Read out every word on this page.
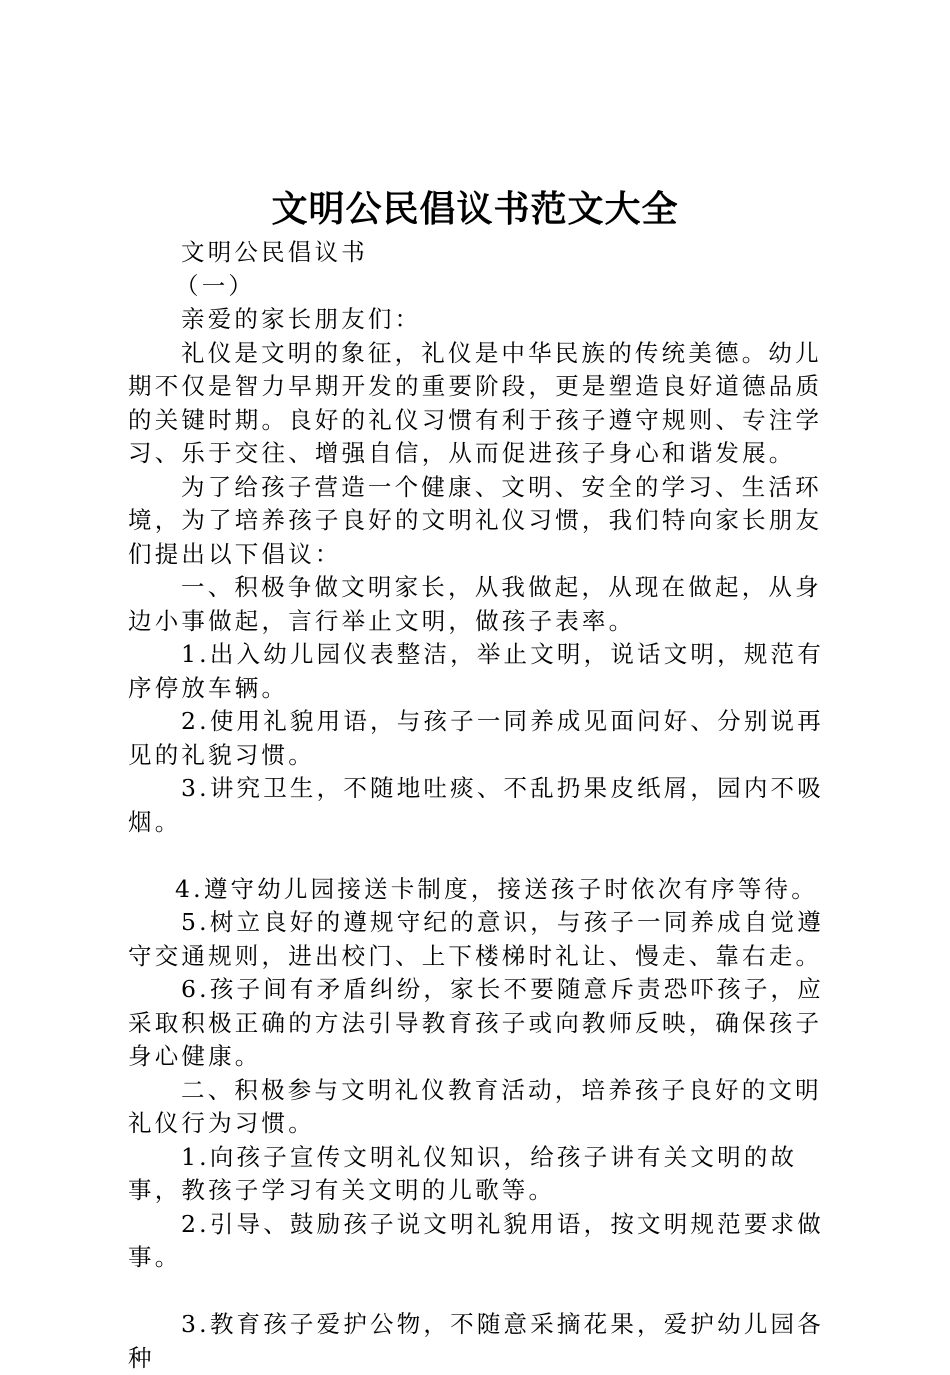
文明公民倡议书范文大全

文明公民倡议书

（一）

亲爱的家长朋友们：

礼仪是文明的象征，礼仪是中华民族的传统美德。幼儿期不仅是智力早期开发的重要阶段，更是塑造良好道德品质的关键时期。良好的礼仪习惯有利于孩子遵守规则、专注学习、乐于交往、增强自信，从而促进孩子身心和谐发展。

为了给孩子营造一个健康、文明、安全的学习、生活环境，为了培养孩子良好的文明礼仪习惯，我们特向家长朋友们提出以下倡议：

一、积极争做文明家长，从我做起，从现在做起，从身边小事做起，言行举止文明，做孩子表率。

1.出入幼儿园仪表整洁，举止文明，说话文明，规范有序停放车辆。

2.使用礼貌用语，与孩子一同养成见面问好、分别说再见的礼貌习惯。

3.讲究卫生，不随地吐痰、不乱扔果皮纸屑，园内不吸烟。

4.遵守幼儿园接送卡制度，接送孩子时依次有序等待。

5.树立良好的遵规守纪的意识，与孩子一同养成自觉遵守交通规则，进出校门、上下楼梯时礼让、慢走、靠右走。

6.孩子间有矛盾纠纷，家长不要随意斥责恐吓孩子，应采取积极正确的方法引导教育孩子或向教师反映，确保孩子身心健康。

二、积极参与文明礼仪教育活动，培养孩子良好的文明礼仪行为习惯。

1.向孩子宣传文明礼仪知识，给孩子讲有关文明的故事，教孩子学习有关文明的儿歌等。

2.引导、鼓励孩子说文明礼貌用语，按文明规范要求做事。

3.教育孩子爱护公物，不随意采摘花果，爱护幼儿园各种
